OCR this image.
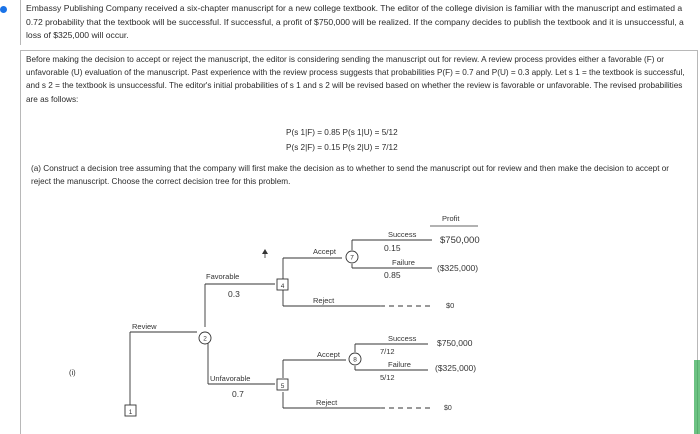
Embassy Publishing Company received a six-chapter manuscript for a new college textbook. The editor of the college division is familiar with the manuscript and estimated a 0.72 probability that the textbook will be successful. If successful, a profit of $750,000 will be realized. If the company decides to publish the textbook and it is unsuccessful, a loss of $325,000 will occur.
Before making the decision to accept or reject the manuscript, the editor is considering sending the manuscript out for review. A review process provides either a favorable (F) or unfavorable (U) evaluation of the manuscript. Past experience with the review process suggests that probabilities P(F) = 0.7 and P(U) = 0.3 apply. Let s 1 = the textbook is successful, and s 2 = the textbook is unsuccessful. The editor's initial probabilities of s 1 and s 2 will be revised based on whether the review is favorable or unfavorable. The revised probabilities are as follows:
P(s 1|F) = 0.85 P(s 1|U) = 5/12
P(s 2|F) = 0.15 P(s 2|U) = 7/12
(a) Construct a decision tree assuming that the company will first make the decision as to whether to send the manuscript out for review and then make the decision to accept or reject the manuscript. Choose the correct decision tree for this problem.
(i)
1
2
4
5
7
8
Profit
Review
Favorable
0.3
Unfavorable
0.7
Accept
Reject
Accept
Reject
Success
0.15
Failure
0.85
Success
7/12
Failure
5/12
$750,000
($325,000)
$0
$750,000
($325,000)
$0
